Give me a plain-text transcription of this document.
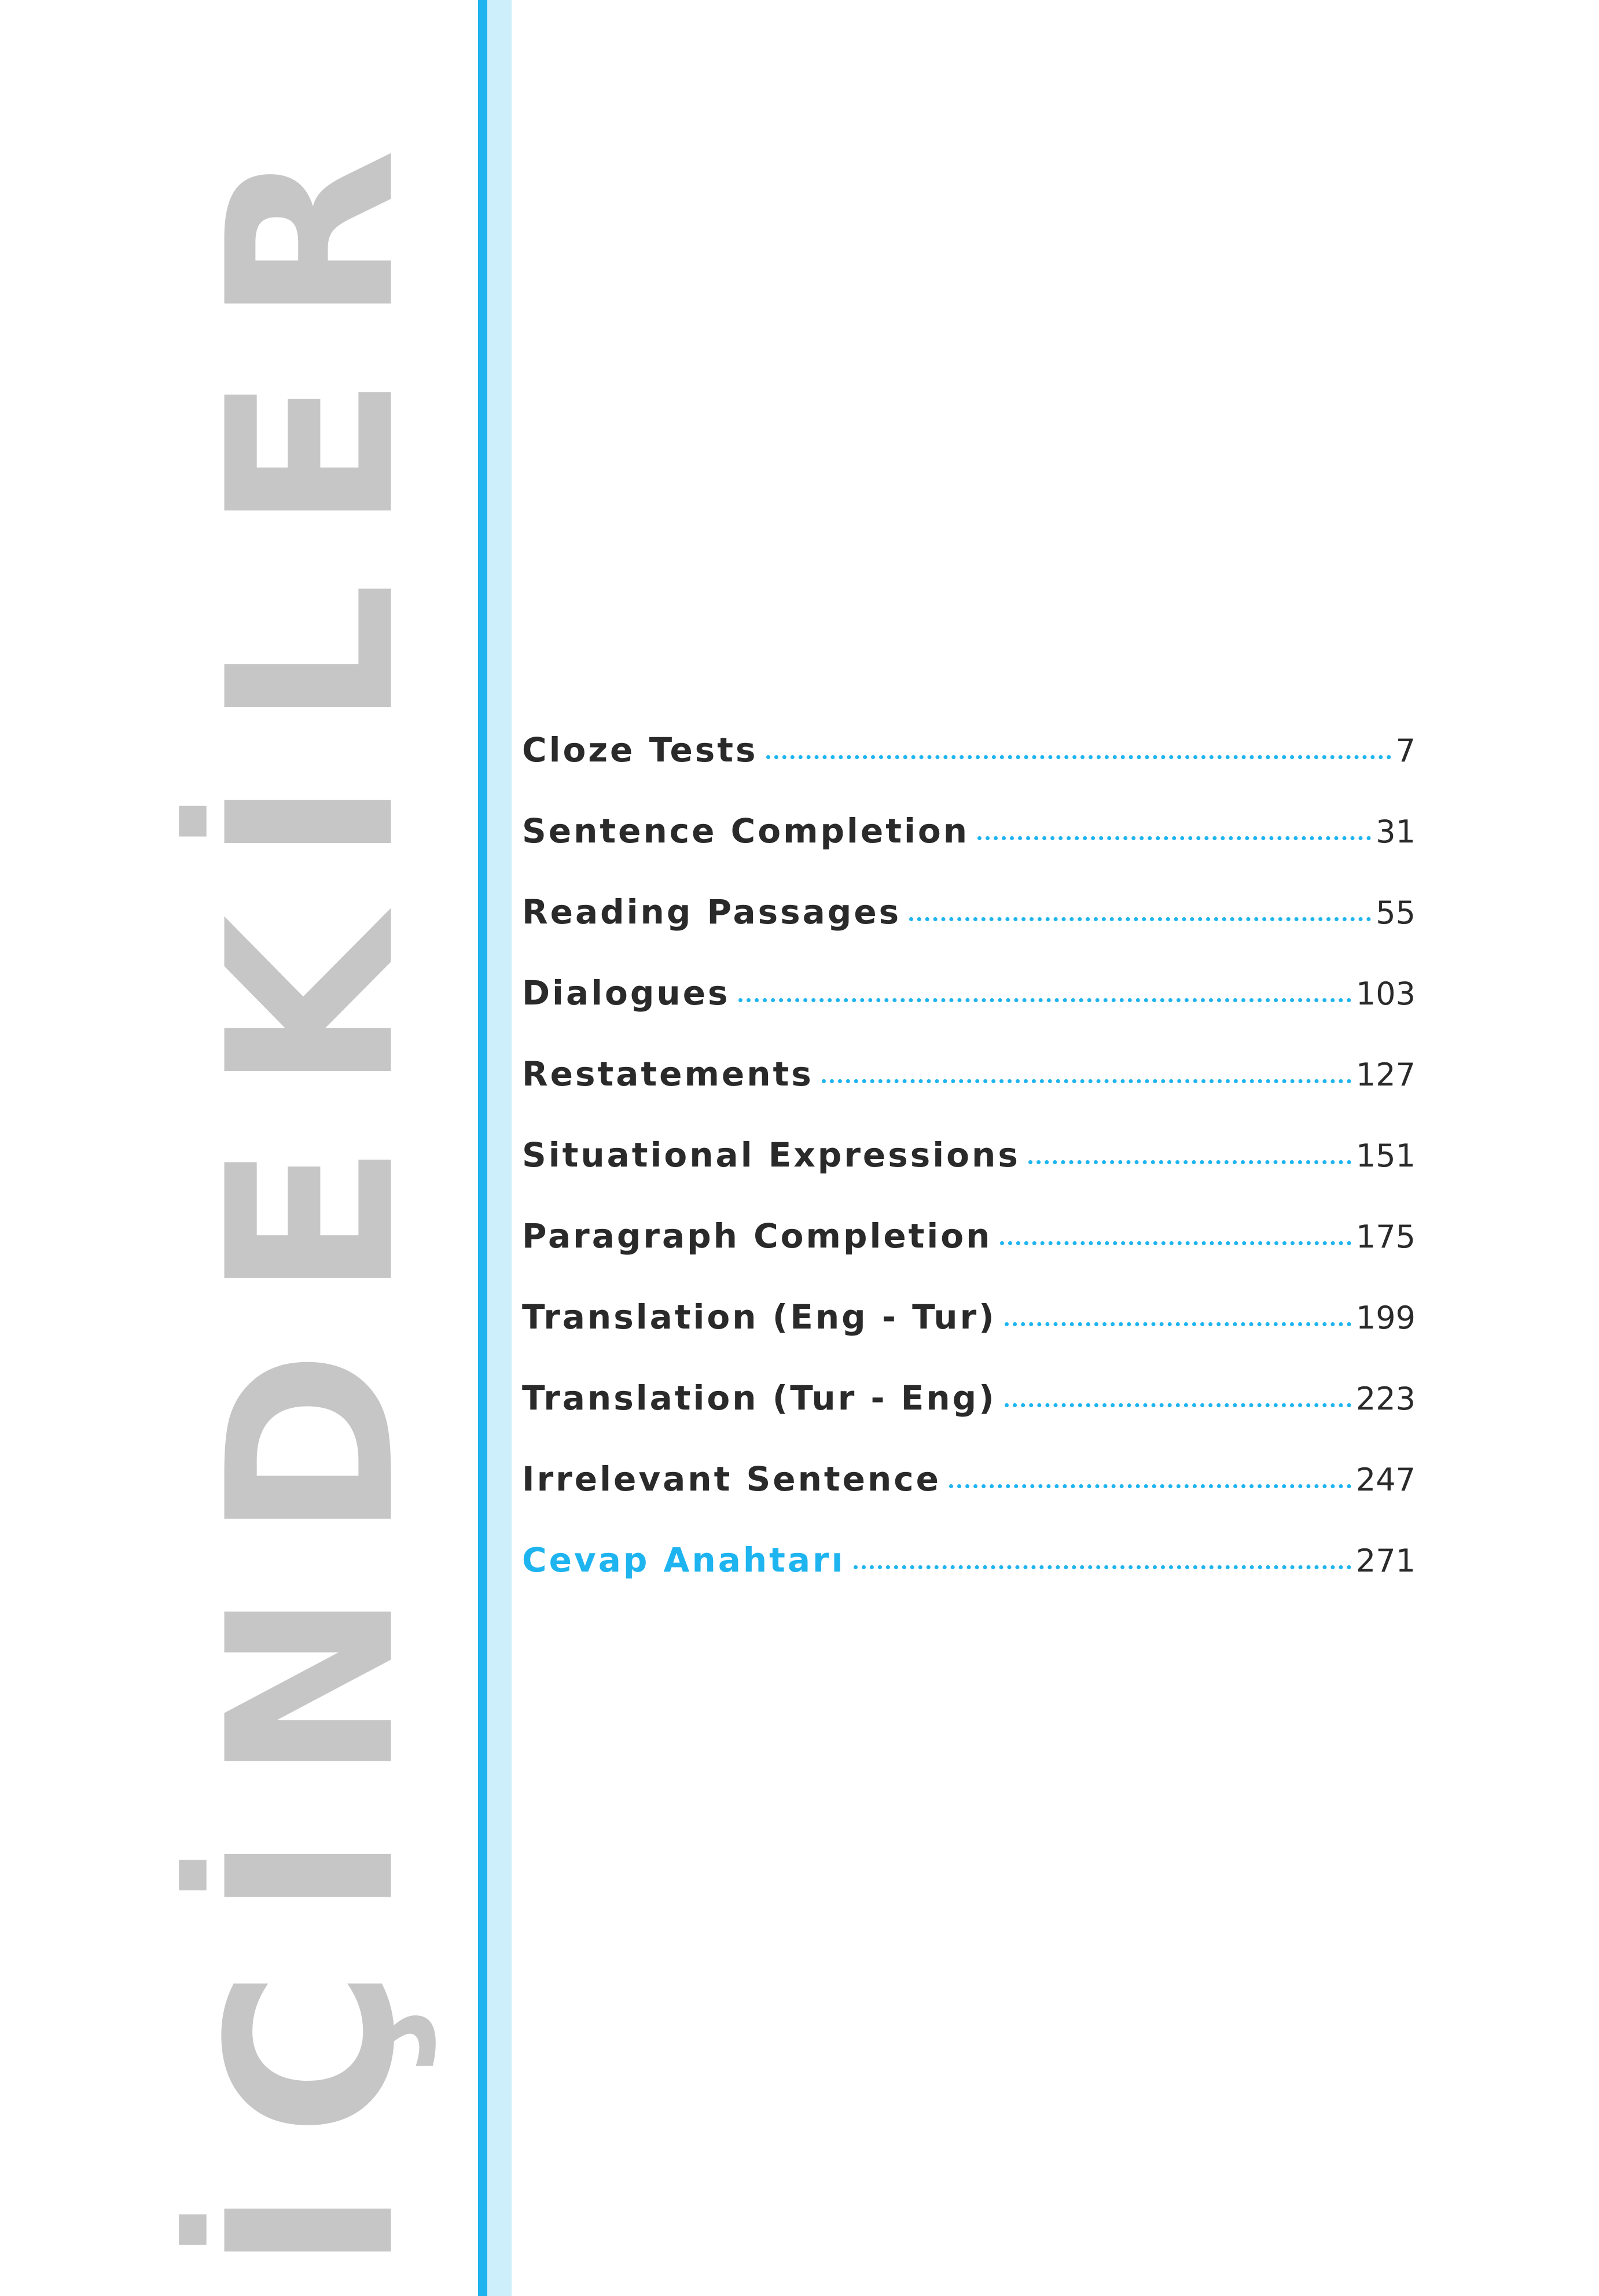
İÇİNDEKİLER Cloze Tests	7
Sentence Completion	31
Reading Passages	55
Dialogues	103
Restatements	127
Situational Expressions	151
Paragraph Completion	175
Translation (Eng - Tur)	199
Translation (Tur - Eng)	223
Irrelevant Sentence	247
Cevap Anahtarı	271
